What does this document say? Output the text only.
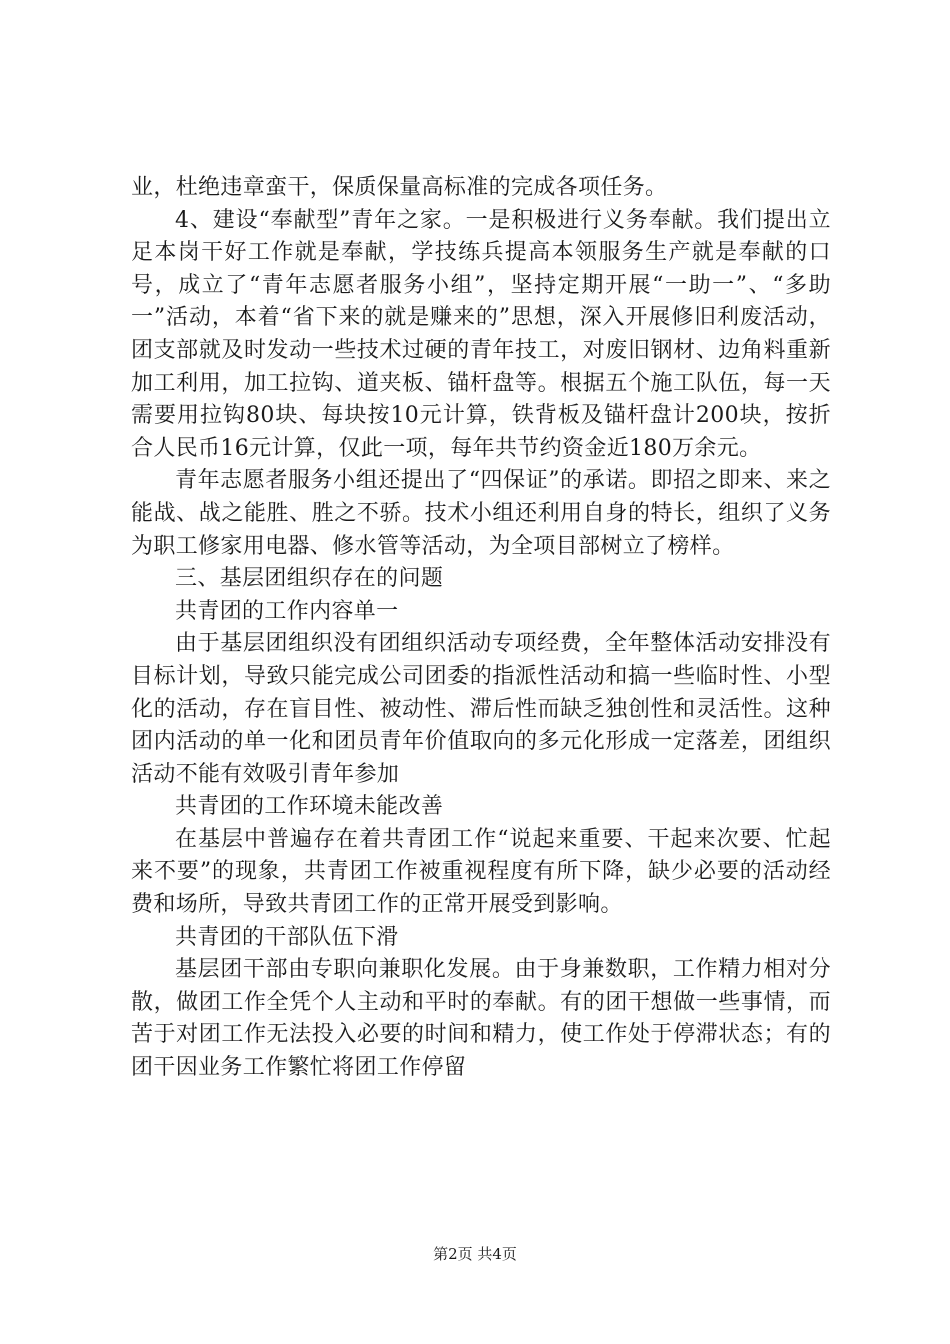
业，杜绝违章蛮干，保质保量高标准的完成各项任务。

4、建设“奉献型”青年之家。一是积极进行义务奉献。我们提出立足本岗干好工作就是奉献，学技练兵提高本领服务生产就是奉献的口号，成立了“青年志愿者服务小组”，坚持定期开展“一助一”、“多助一”活动，本着“省下来的就是赚来的”思想，深入开展修旧利废活动，团支部就及时发动一些技术过硬的青年技工，对废旧钢材、边角料重新加工利用，加工拉钩、道夹板、锚杆盘等。根据五个施工队伍，每一天需要用拉钩80块、每块按10元计算，铁背板及锚杆盘计200块，按折合人民币16元计算，仅此一项，每年共节约资金近180万余元。

青年志愿者服务小组还提出了“四保证”的承诺。即招之即来、来之能战、战之能胜、胜之不骄。技术小组还利用自身的特长，组织了义务为职工修家用电器、修水管等活动，为全项目部树立了榜样。

三、基层团组织存在的问题

共青团的工作内容单一

由于基层团组织没有团组织活动专项经费，全年整体活动安排没有目标计划，导致只能完成公司团委的指派性活动和搞一些临时性、小型化的活动，存在盲目性、被动性、滞后性而缺乏独创性和灵活性。这种团内活动的单一化和团员青年价值取向的多元化形成一定落差，团组织活动不能有效吸引青年参加

共青团的工作环境未能改善

在基层中普遍存在着共青团工作“说起来重要、干起来次要、忙起来不要”的现象，共青团工作被重视程度有所下降，缺少必要的活动经费和场所，导致共青团工作的正常开展受到影响。

共青团的干部队伍下滑

基层团干部由专职向兼职化发展。由于身兼数职，工作精力相对分散，做团工作全凭个人主动和平时的奉献。有的团干想做一些事情，而苦于对团工作无法投入必要的时间和精力，使工作处于停滞状态；有的团干因业务工作繁忙将团工作停留

第2页 共4页
